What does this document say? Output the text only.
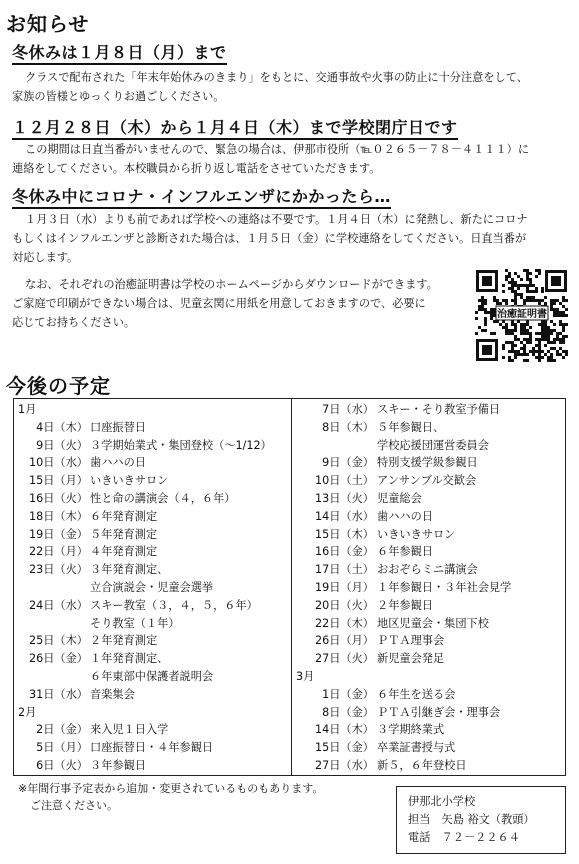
お知らせ
冬休みは１月８日（月）まで
クラスで配布された「年末年始休みのきまり」をもとに、交通事故や火事の防止に十分注意をして、
家族の皆様とゆっくりお過ごしください。
１２月２８日（木）から１月４日（木）まで学校閉庁日です
この期間は日直当番がいませんので、緊急の場合は、伊那市役所（℡０２６５－７８－４１１１）に
連絡をしてください。本校職員から折り返し電話をさせていただきます。
冬休み中にコロナ・インフルエンザにかかったら…
１月３日（水）よりも前であれば学校への連絡は不要です。１月４日（木）に発熱し、新たにコロナ
もしくはインフルエンザと診断された場合は、１月５日（金）に学校連絡をしてください。日直当番が
対応します。
なお、それぞれの治癒証明書は学校のホームページからダウンロードができます。
ご家庭で印刷ができない場合は、児童玄関に用紙を用意しておきますので、必要に
応じてお持ちください。
治癒証明書
今後の予定
1月
4日（木） 口座振替日
9日（火） ３学期始業式・集団登校（～1/12）
10日（水） 歯ハハの日
15日（月） いきいきサロン
16日（火） 性と命の講演会（４，６年）
18日（木） ６年発育測定
19日（金） ５年発育測定
22日（月） ４年発育測定
23日（火） ３年発育測定、
立合演説会・児童会選挙
24日（水） スキー教室（３，４，５，６年）
そり教室（１年）
25日（木） ２年発育測定
26日（金） １年発育測定、
６年東部中保護者説明会
31日（水） 音楽集会
2月
2日（金） 来入児１日入学
5日（月） 口座振替日・４年参観日
6日（火） ３年参観日
7日（水） スキー・そり教室予備日
8日（木） ５年参観日、
学校応援団運営委員会
9日（金） 特別支援学級参観日
10日（土） アンサンブル交歓会
13日（火） 児童総会
14日（水） 歯ハハの日
15日（木） いきいきサロン
16日（金） ６年参観日
17日（土） おおぞらミニ講演会
19日（月） １年参観日・３年社会見学
20日（火） ２年参観日
22日（木） 地区児童会・集団下校
26日（月） ＰＴＡ理事会
27日（火） 新児童会発足
3月
1日（金） ６年生を送る会
8日（金） ＰＴＡ引継ぎ会・理事会
14日（木） ３学期終業式
15日（金） 卒業証書授与式
27日（水） 新５，６年登校日
※年間行事予定表から追加・変更されているものもあります。
ご注意ください。	伊那北小学校
担当　矢島 裕文（教頭）
電話　７２－２２６４
